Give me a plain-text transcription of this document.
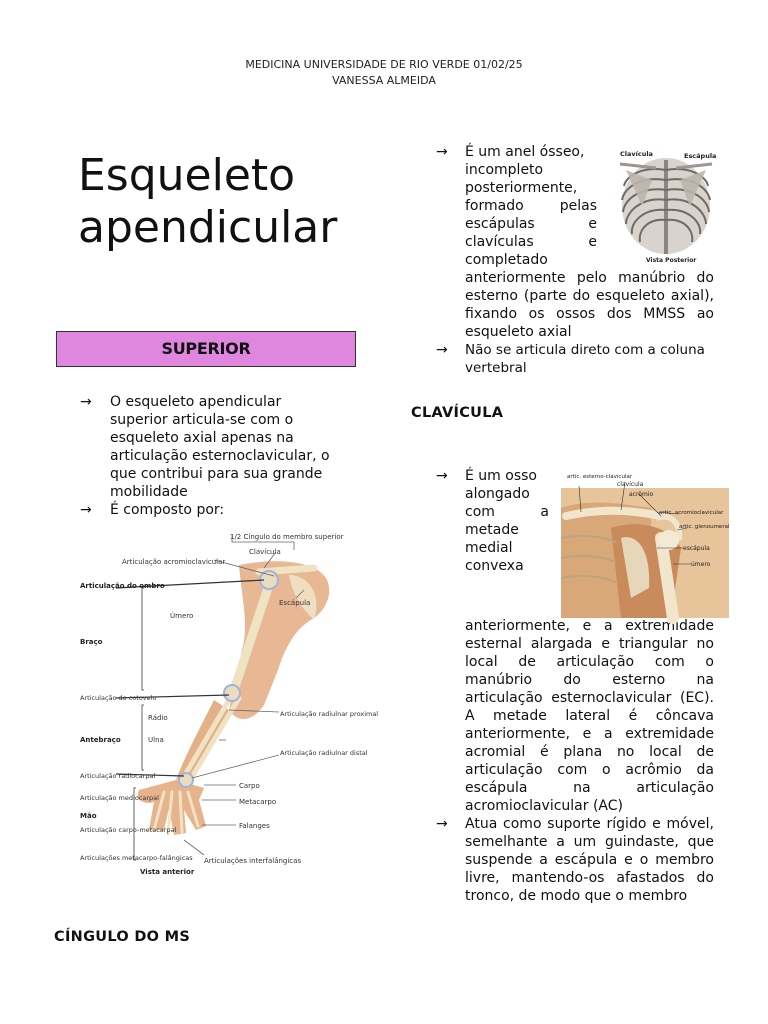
MEDICINA UNIVERSIDADE DE RIO VERDE 01/02/25
VANESSA ALMEIDA
Esqueleto
apendicular
SUPERIOR
→ O esqueleto apendicular superior articula-se com o esqueleto axial apenas na articulação esternoclavicular, o que contribui para sua grande mobilidade
→ É composto por:
1/2 Cíngulo do membro superior
Clavícula
Articulação acromioclavicular
Articulação do ombro
Escápula
Úmero
Braço
Articulação do cotovelo
Rádio
Ulna
Articulação radiulnar proximal
Antebraço
Articulação radiulnar distal
Articulação radiocarpal
Articulação mediocarpal
Carpo
Metacarpo
Mão
Articulação carpo-metacarpal	Falanges
Articulações metacarpo-falângicas Articulações interfalângicas
Vista anterior
CÍNGULO DO MS
→ É um anel ósseo,
incompleto
posteriormente,
formado pelas
escápulas e
clavículas e
completado
anteriormente pelo manúbrio do esterno (parte do esqueleto axial), fixando os ossos dos MMSS ao esqueleto axial
→ Não se articula direto com a coluna vertebral
Clavícula	Escápula
Vista Posterior
CLAVÍCULA
→ É um osso
alongado
com a
metade
medial
convexa
anteriormente, e a extremidade esternal alargada e triangular no local de articulação com o manúbrio do esterno na articulação esternoclavicular (EC). A metade lateral é côncava anteriormente, e a extremidade acromial é plana no local de articulação com o acrômio da escápula na articulação acromioclavicular (AC)
→ Atua como suporte rígido e móvel, semelhante a um guindaste, que suspende a escápula e o membro livre, mantendo-os afastados do tronco, de modo que o membro
artic. esterno-clavicular
clavícula
acrômio
artic. acromioclavicular
artic. glenoumeral
escápula
úmero
